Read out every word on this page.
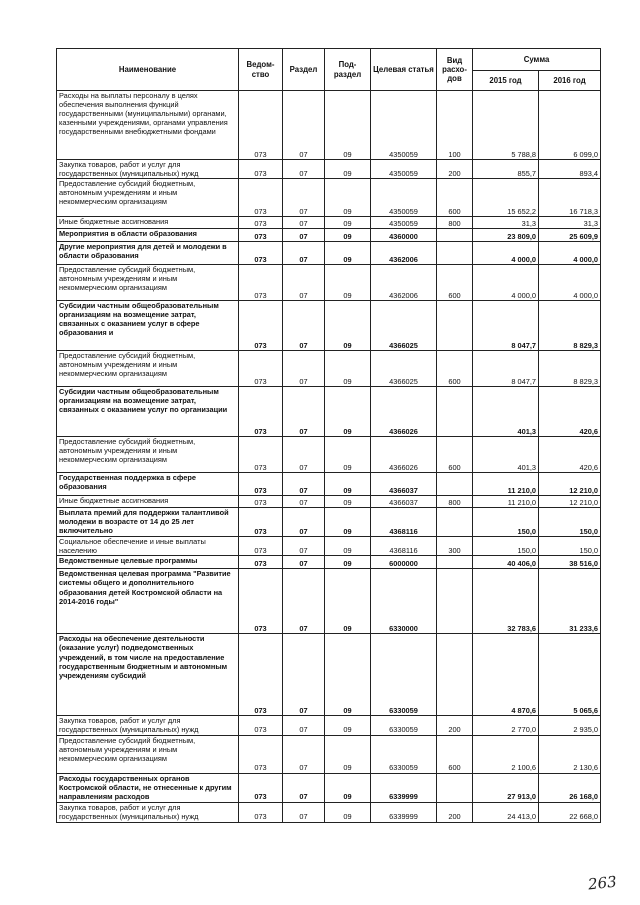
Наименование	Ведом-ство	Раздел	Под-раздел	Целевая статья	Вид расхо-дов	Сумма	
						2015 год	2016 год
Расходы на выплаты персоналу в целях обеспечения выполнения функций государственными (муниципальными) органами, казенными учреждениями, органами управления государственными внебюджетными фондами	073	07	09	4350059	100	5 788,8	6 099,0
Закупка товаров, работ и услуг для государственных (муниципальных) нужд	073	07	09	4350059	200	855,7	893,4
Предоставление субсидий бюджетным, автономным учреждениям и иным некоммерческим организациям	073	07	09	4350059	600	15 652,2	16 718,3
Иные бюджетные ассигнования	073	07	09	4350059	800	31,3	31,3
Мероприятия в области образования	073	07	09	4360000		23 809,0	25 609,9
Другие мероприятия для детей и молодежи в области образования	073	07	09	4362006		4 000,0	4 000,0
Предоставление субсидий бюджетным, автономным учреждениям и иным некоммерческим организациям	073	07	09	4362006	600	4 000,0	4 000,0
Субсидии частным общеобразовательным организациям на возмещение затрат, связанных с оказанием услуг в сфере образования и	073	07	09	4366025		8 047,7	8 829,3
Предоставление субсидий бюджетным, автономным учреждениям и иным некоммерческим организациям	073	07	09	4366025	600	8 047,7	8 829,3
Субсидии частным общеобразовательным организациям на возмещение затрат, связанных с оказанием услуг по организации	073	07	09	4366026		401,3	420,6
Предоставление субсидий бюджетным, автономным учреждениям и иным некоммерческим организациям	073	07	09	4366026	600	401,3	420,6
Государственная поддержка в сфере образования	073	07	09	4366037		11 210,0	12 210,0
Иные бюджетные ассигнования	073	07	09	4366037	800	11 210,0	12 210,0
Выплата премий для поддержки талантливой молодежи в возрасте от 14 до 25 лет включительно	073	07	09	4368116		150,0	150,0
Социальное обеспечение и иные выплаты населению	073	07	09	4368116	300	150,0	150,0
Ведомственные целевые программы	073	07	09	6000000		40 406,0	38 516,0
Ведомственная целевая программа "Развитие системы общего и дополнительного образования детей Костромской области на 2014-2016 годы"	073	07	09	6330000		32 783,6	31 233,6
Расходы на обеспечение деятельности (оказание услуг) подведомственных учреждений, в том числе на предоставление государственным бюджетным и автономным учреждениям субсидий	073	07	09	6330059		4 870,6	5 065,6
Закупка товаров, работ и услуг для государственных (муниципальных) нужд	073	07	09	6330059	200	2 770,0	2 935,0
Предоставление субсидий бюджетным, автономным учреждениям и иным некоммерческим организациям	073	07	09	6330059	600	2 100,6	2 130,6
Расходы государственных органов Костромской области, не отнесенные к другим направлениям расходов	073	07	09	6339999		27 913,0	26 168,0
Закупка товаров, работ и услуг для государственных (муниципальных) нужд	073	07	09	6339999	200	24 413,0	22 668,0
263
